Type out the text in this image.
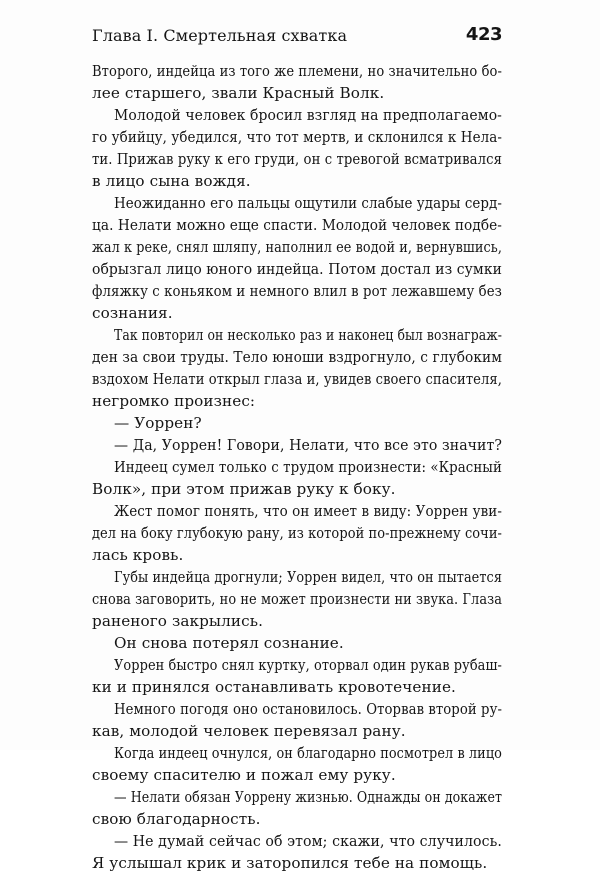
Глава I. Смертельная схватка	423
Второго, индейца из того же племени, но значительно бо-
лее старшего, звали Красный Волк.
Молодой человек бросил взгляд на предполагаемо-
го убийцу, убедился, что тот мертв, и склонился к Нела-
ти. Прижав руку к его груди, он с тревогой всматривался
в лицо сына вождя.
Неожиданно его пальцы ощутили слабые удары серд-
ца. Нелати можно еще спасти. Молодой человек подбе-
жал к реке, снял шляпу, наполнил ее водой и, вернувшись,
обрызгал лицо юного индейца. Потом достал из сумки
фляжку с коньяком и немного влил в рот лежавшему без
сознания.
Так повторил он несколько раз и наконец был вознаграж-
ден за свои труды. Тело юноши вздрогнуло, с глубоким
вздохом Нелати открыл глаза и, увидев своего спасителя,
негромко произнес:
— Уоррен?
— Да, Уоррен! Говори, Нелати, что все это значит?
Индеец сумел только с трудом произнести: «Красный
Волк», при этом прижав руку к боку.
Жест помог понять, что он имеет в виду: Уоррен уви-
дел на боку глубокую рану, из которой по-прежнему сочи-
лась кровь.
Губы индейца дрогнули; Уоррен видел, что он пытается
снова заговорить, но не может произнести ни звука. Глаза
раненого закрылись.
Он снова потерял сознание.
Уоррен быстро снял куртку, оторвал один рукав рубаш-
ки и принялся останавливать кровотечение.
Немного погодя оно остановилось. Оторвав второй ру-
кав, молодой человек перевязал рану.
Когда индеец очнулся, он благодарно посмотрел в лицо
своему спасителю и пожал ему руку.
— Нелати обязан Уоррену жизнью. Однажды он докажет
свою благодарность.
— Не думай сейчас об этом; скажи, что случилось.
Я услышал крик и заторопился тебе на помощь.
